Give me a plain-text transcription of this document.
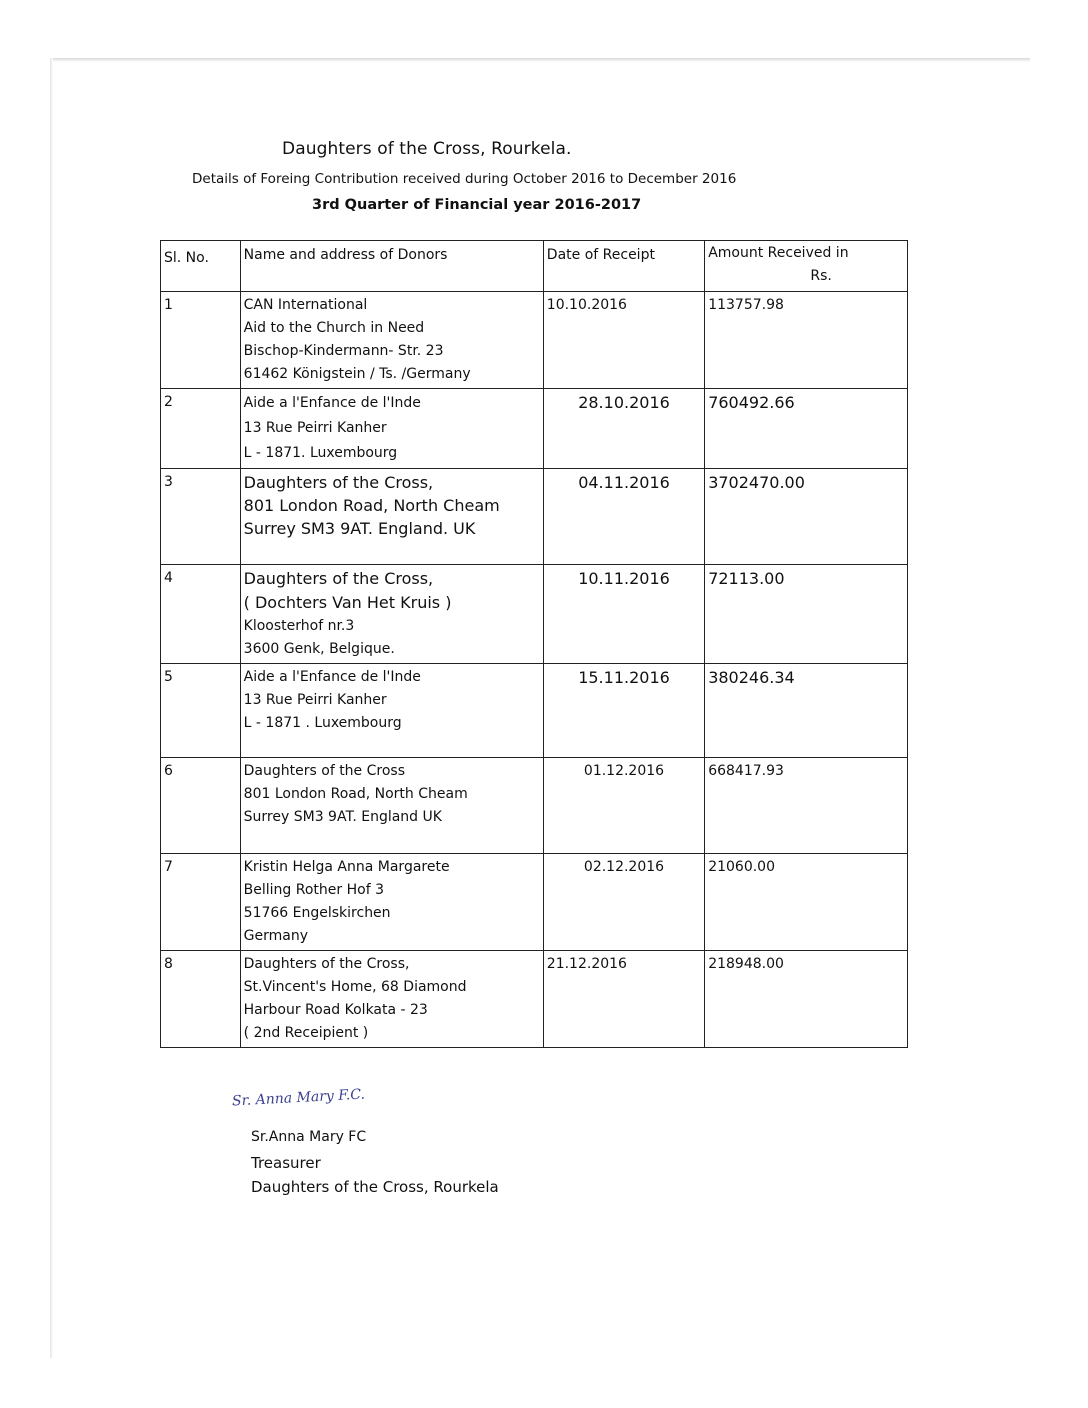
Daughters of the Cross, Rourkela.
Details of Foreing Contribution received during October 2016 to December 2016
3rd Quarter of Financial year 2016-2017
Sl. No.	Name and address of Donors	Date of Receipt	Amount Received in
Rs.

1	CAN International
Aid to the Church in Need
Bischop-Kindermann- Str. 23
61462 Königstein / Ts. /Germany	10.10.2016	113757.98
2	Aide a l'Enfance de l'Inde
13 Rue Peirri Kanher
L - 1871. Luxembourg	28.10.2016	760492.66
3	Daughters of the Cross,
801 London Road, North Cheam
Surrey SM3 9AT. England. UK	04.11.2016	3702470.00
4	Daughters of the Cross,
( Dochters Van Het Kruis )
Kloosterhof nr.3
3600 Genk, Belgique.	10.11.2016	72113.00
5	Aide a l'Enfance de l'Inde
13 Rue Peirri Kanher
L - 1871 . Luxembourg	15.11.2016	380246.34
6	Daughters of the Cross
801 London Road, North Cheam
Surrey SM3 9AT. England UK	01.12.2016	668417.93
7	Kristin Helga Anna Margarete
Belling Rother Hof 3
51766 Engelskirchen
Germany	02.12.2016	21060.00
8	Daughters of the Cross,
St.Vincent's Home, 68 Diamond
Harbour Road Kolkata - 23
( 2nd Receipient )	21.12.2016	218948.00
Sr. Anna Mary F.C.
Sr.Anna Mary FC
Treasurer
Daughters of the Cross, Rourkela
